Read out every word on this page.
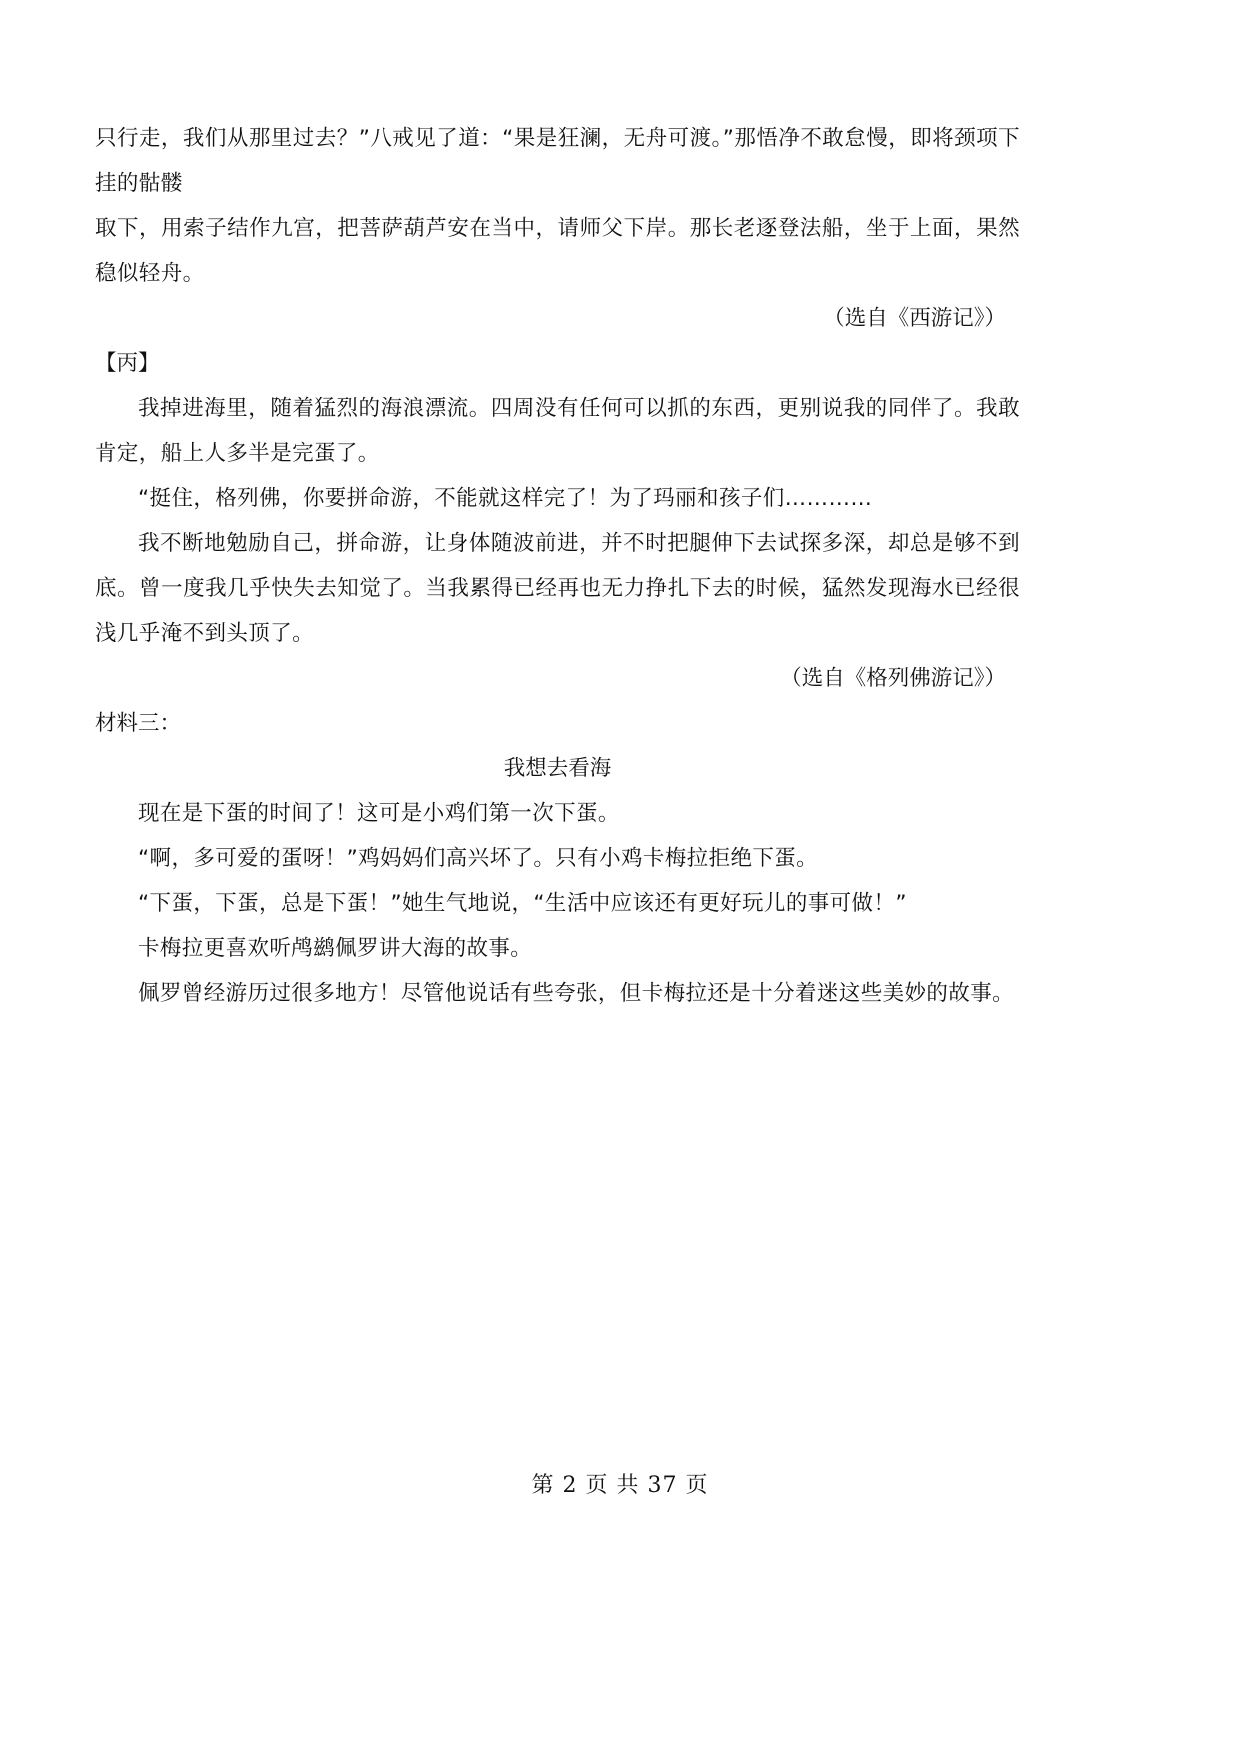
只行走，我们从那里过去？”八戒见了道：“果是狂澜，无舟可渡。”那悟净不敢怠慢，即将颈项下挂的骷髅

取下，用索子结作九宫，把菩萨葫芦安在当中，请师父下岸。那长老逐登法船，坐于上面，果然稳似轻舟。

（选自《西游记》）

【丙】

我掉进海里，随着猛烈的海浪漂流。四周没有任何可以抓的东西，更别说我的同伴了。我敢肯定，船上人多半是完蛋了。

“挺住，格列佛，你要拼命游，不能就这样完了！为了玛丽和孩子们…………

我不断地勉励自己，拼命游，让身体随波前进，并不时把腿伸下去试探多深，却总是够不到底。曾一度我几乎快失去知觉了。当我累得已经再也无力挣扎下去的时候，猛然发现海水已经很浅几乎淹不到头顶了。

（选自《格列佛游记》）

材料三：

我想去看海

现在是下蛋的时间了！这可是小鸡们第一次下蛋。

“啊，多可爱的蛋呀！”鸡妈妈们高兴坏了。只有小鸡卡梅拉拒绝下蛋。

“下蛋，下蛋，总是下蛋！”她生气地说，“生活中应该还有更好玩儿的事可做！”

卡梅拉更喜欢听鸬鹚佩罗讲大海的故事。

佩罗曾经游历过很多地方！尽管他说话有些夸张，但卡梅拉还是十分着迷这些美妙的故事。

第 2 页 共 37 页
